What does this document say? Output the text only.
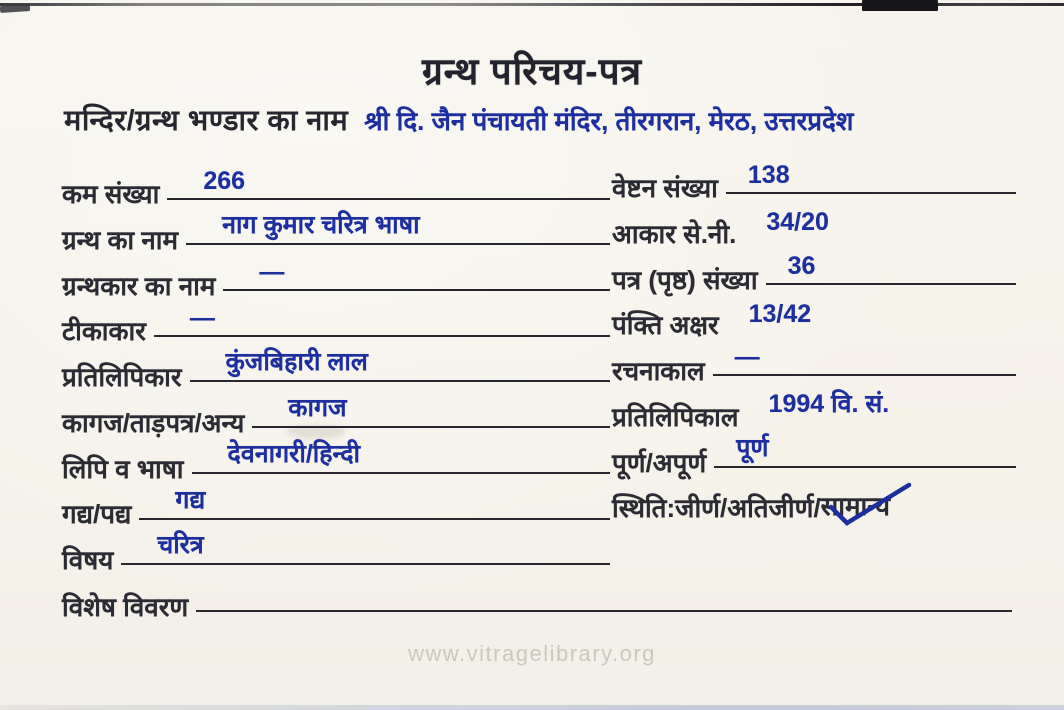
ग्रन्थ परिचय-पत्र
मन्दिर/ग्रन्थ भण्डार का नाम श्री दि. जैन पंचायती मंदिर, तीरगरान, मेरठ, उत्तरप्रदेश
कम संख्या 266
ग्रन्थ का नाम नाग कुमार चरित्र भाषा
ग्रन्थकार का नाम —
टीकाकार —
प्रतिलिपिकार कुंजबिहारी लाल
कागज/ताड़पत्र/अन्य कागज
लिपि व भाषा देवनागरी/हिन्दी
गद्य/पद्य गद्य
विषय चरित्र
वेष्टन संख्या 138
आकार से.नी. 34/20
पत्र (पृष्ठ) संख्या 36
पंक्ति अक्षर 13/42
रचनाकाल —
प्रतिलिपिकाल 1994 वि. सं.
पूर्ण/अपूर्ण पूर्ण
स्थिति:जीर्ण/अतिजीर्ण/ सामान्य
विशेष विवरण
www.vitragelibrary.org
